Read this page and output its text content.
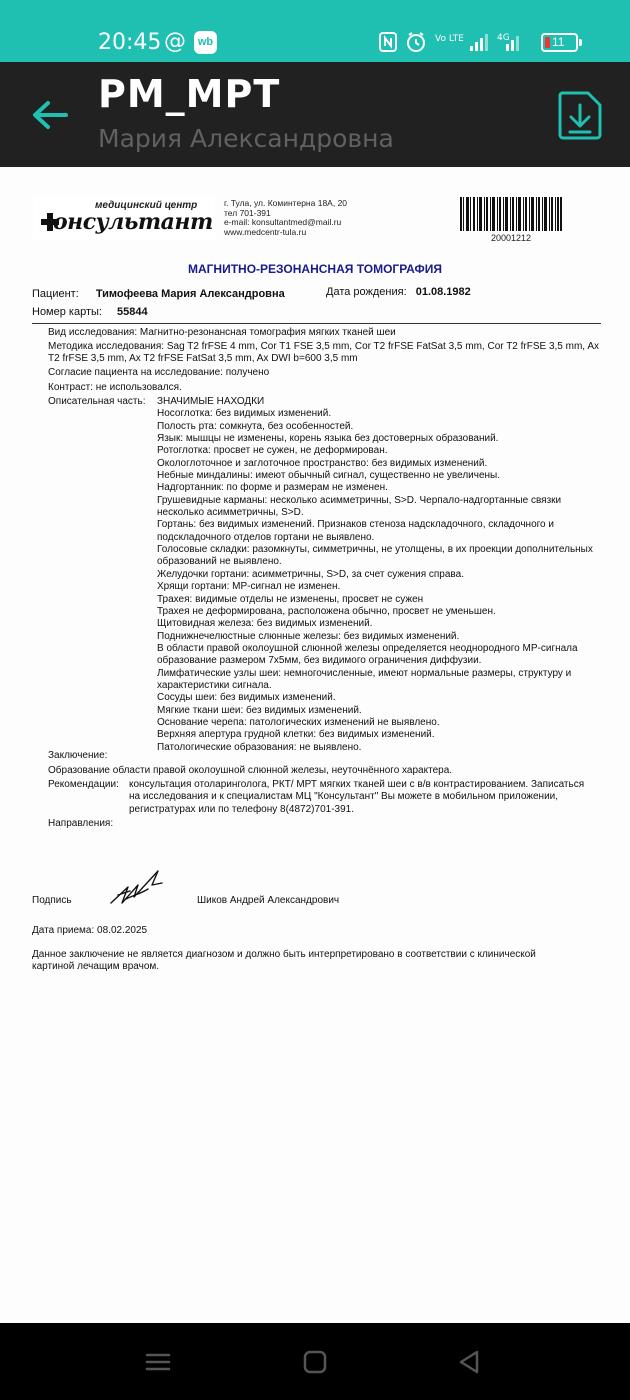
20:45 @	wb	Vo LTE	4G	11
РМ_МРТ
Мария Александровна
медицинский центр
онсультант
г. Тула, ул. Коминтерна 18А, 20
тел 701-391
e-mail: konsultantmed@mail.ru
www.medcentr-tula.ru
20001212
МАГНИТНО-РЕЗОНАНСНАЯ ТОМОГРАФИЯ
Пациент: Тимофеева Мария Александровна	Дата рождения: 01.08.1982
Номер карты: 55844
Вид исследования: Магнитно-резонансная томография мягких тканей шеи
Методика исследования: Sag T2 frFSE 4 mm, Cor T1 FSE 3,5 mm, Cor T2 frFSE FatSat 3,5 mm, Cor T2 frFSE 3,5 mm, Ax T2 frFSE 3,5 mm, Ax T2 frFSE FatSat 3,5 mm, Ax DWI b=600 3,5 mm
Согласие пациента на исследование: получено
Контраст: не использовался.
Описательная часть:	ЗНАЧИМЫЕ НАХОДКИ
Носоглотка: без видимых изменений.
Полость рта: сомкнута, без особенностей.
Язык: мышцы не изменены, корень языка без достоверных образований.
Ротоглотка: просвет не сужен, не деформирован.
Окологлоточное и заглоточное пространство: без видимых изменений.
Небные миндалины: имеют обычный сигнал, существенно не увеличены.
Надгортанник: по форме и размерам не изменен.
Грушевидные карманы: несколько асимметричны, S>D. Черпало-надгортанные связки несколько асимметричны, S>D.
Гортань: без видимых изменений. Признаков стеноза надскладочного, складочного и подскладочного отделов гортани не выявлено.
Голосовые складки: разомкнуты, симметричны, не утолщены, в их проекции дополнительных образований не выявлено.
Желудочки гортани: асимметричны, S>D, за счет сужения справа.
Хрящи гортани: МР-сигнал не изменен.
Трахея: видимые отделы не изменены, просвет не сужен
Трахея не деформирована, расположена обычно, просвет не уменьшен.
Щитовидная железа: без видимых изменений.
Поднижнечелюстные слюнные железы: без видимых изменений.
В области правой околоушной слюнной железы определяется неоднородного МР-сигнала образование размером 7х5мм, без видимого ограничения диффузии.
Лимфатические узлы шеи: немногочисленные, имеют нормальные размеры, структуру и характеристики сигнала.
Сосуды шеи: без видимых изменений.
Мягкие ткани шеи: без видимых изменений.
Основание черепа: патологических изменений не выявлено.
Верхняя апертура грудной клетки: без видимых изменений.
Патологические образования: не выявлено.
Заключение:
Образование области правой околоушной слюнной железы, неуточнённого характера.
Рекомендации:	консультация отоларинголога, РКТ/ МРТ мягких тканей шеи с в/в контрастированием. Записаться на исследования и к специалистам МЦ "Консультант" Вы можете в мобильном приложении, регистратурах или по телефону 8(4872)701-391.
Направления:
Подпись	Шиков Андрей Александрович
Дата приема: 08.02.2025
Данное заключение не является диагнозом и должно быть интерпретировано в соответствии с клинической картиной лечащим врачом.
